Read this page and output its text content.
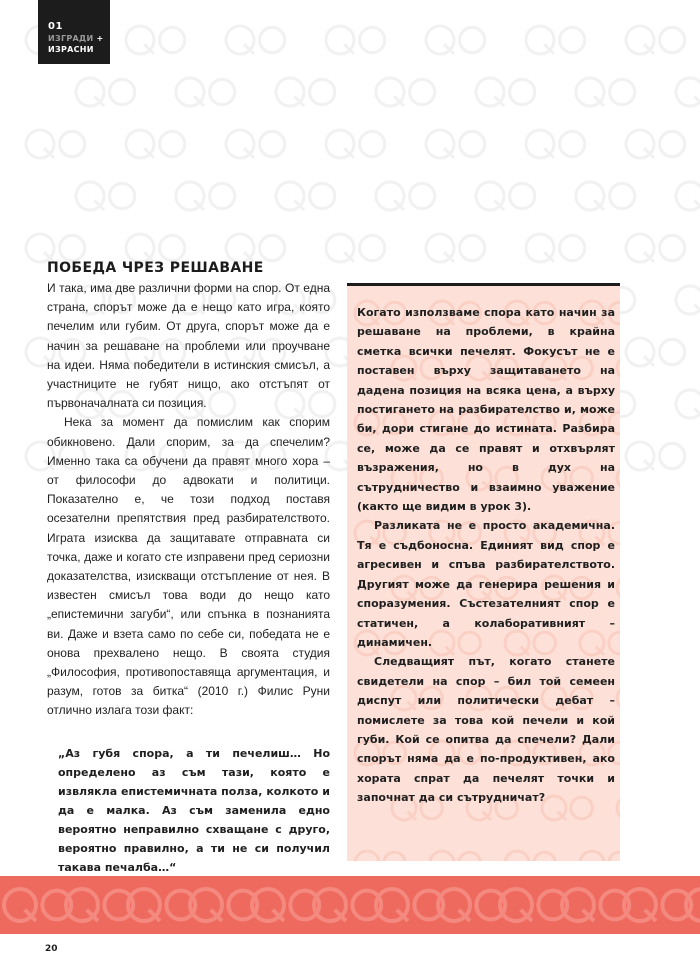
01
ИЗГРАДИ +
ИЗРАСНИ
ПОБЕДА ЧРЕЗ РЕШАВАНЕ

И така, има две различни форми на спор. От една страна, спорът може да е нещо като игра, която печелим или губим. От друга, спорът може да е начин за решаване на проблеми или проучване на идеи. Няма победители в истинския смисъл, а участниците не губят нищо, ако отстъпят от първоначалната си позиция.

Нека за момент да помислим как спорим обикновено. Дали спорим, за да спечелим? Именно така са обучени да правят много хора – от философи до адвокати и политици. Показателно е, че този подход поставя осезателни препятствия пред разбирателството. Играта изисква да защитавате отправната си точка, даже и когато сте изправени пред сериозни доказателства, изискващи отстъпление от нея. В известен смисъл това води до нещо като „епистемични загуби“, или спънка в познанията ви. Даже и взета само по себе си, победата не е онова прехвалено нещо. В своята студия „Философия, противопоставяща аргументация, и разум, готов за битка“ (2010 г.) Филис Руни отлично излага този факт:

„Аз губя спора, а ти печелиш… Но определено аз съм тази, която е извлякла епистемичната полза, колкото и да е малка. Аз съм заменила едно вероятно неправилно схващане с друго, вероятно правилно, а ти не си получил такава печалба…“

Когато използваме спора като начин за решаване на проблеми, в крайна сметка всички печелят. Фокусът не е поставен върху защитаването на дадена позиция на всяка цена, а върху постигането на разбирателство и, може би, дори стигане до истината. Разбира се, може да се правят и отхвърлят възражения, но в дух на сътрудничество и взаимно уважение (както ще видим в урок 3).

Разликата не е просто академична. Тя е съдбоносна. Единият вид спор е агресивен и спъва разбирателството. Другият може да генерира решения и споразумения. Състезателният спор е статичен, а колаборативният – динамичен.

Следващият път, когато станете свидетели на спор – бил той семеен диспут или политически дебат – помислете за това кой печели и кой губи. Кой се опитва да спечели? Дали спорът няма да е по-продуктивен, ако хората спрат да печелят точки и започнат да си сътрудничат?

20
